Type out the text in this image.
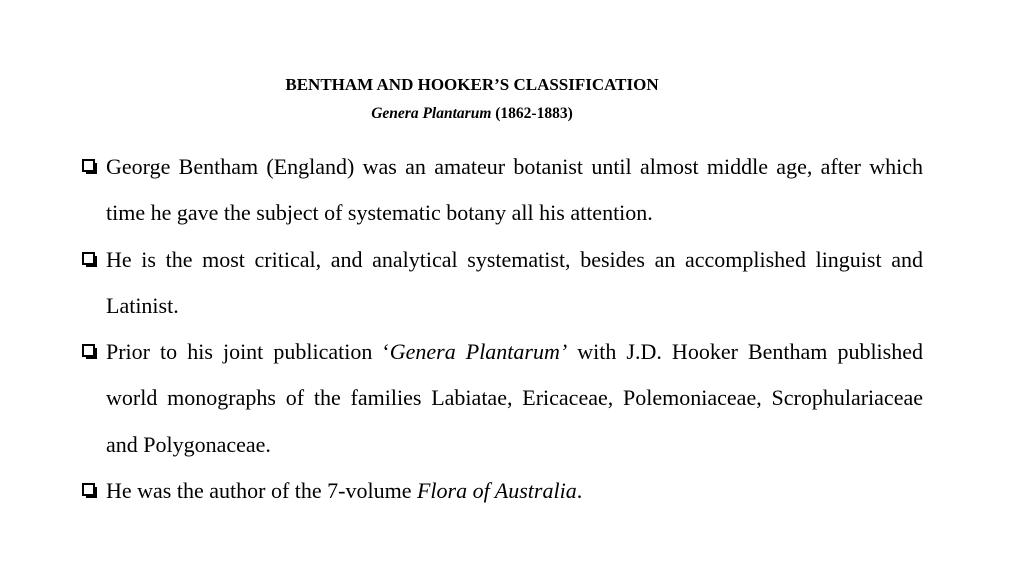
BENTHAM AND HOOKER’S CLASSIFICATION
Genera Plantarum (1862-1883)
George Bentham (England) was an amateur botanist until almost middle age, after which time he gave the subject of systematic botany all his attention.
He is the most critical, and analytical systematist, besides an accomplished linguist and Latinist.
Prior to his joint publication ‘Genera Plantarum’ with J.D. Hooker Bentham published world monographs of the families Labiatae, Ericaceae, Polemoniaceae, Scrophulariaceae and Polygonaceae.
He was the author of the 7-volume Flora of Australia.
